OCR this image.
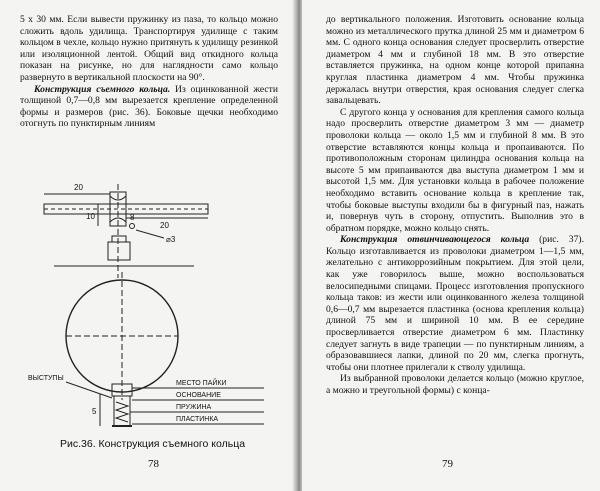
5 x 30 мм. Если вывести пружинку из паза, то кольцо можно сложить вдоль удилища. Транспортируя удилище с таким кольцом в чехле, кольцо нужно притянуть к удилищу резинкой или изоляционной лентой. Общий вид откидного кольца показан на рисунке, но для наглядности само кольцо развернуто в вертикальной плоскости на 90°.

Конструкция съемного кольца. Из оцинкованной жести толщиной 0,7—0,8 мм вырезается крепление определенной формы и размеров (рис. 36). Боковые щечки необходимо отогнуть по пунктирным линиям

20
20
10	8
⌀3
5
МЕСТО ПАЙКИ
ОСНОВАНИЕ
ПРУЖИНА
ПЛАСТИНКА
ВЫСТУПЫ
Рис.36. Конструкция съемного кольца
78

до вертикального положения. Изготовить основание кольца можно из металлического прутка длиной 25 мм и диаметром 6 мм. С одного конца основания следует просверлить отверстие диаметром 4 мм и глубиной 18 мм. В это отверстие вставляется пружинка, на одном конце которой припаяна круглая пластинка диаметром 4 мм. Чтобы пружинка держалась внутри отверстия, края основания следует слегка завальцевать.

С другого конца у основания для крепления самого кольца надо просверлить отверстие диаметром 3 мм — диаметр проволоки кольца — около 1,5 мм и глубиной 8 мм. В это отверстие вставляются концы кольца и пропаиваются. По противоположным сторонам цилиндра основания кольца на высоте 5 мм припаиваются два выступа диаметром 1 мм и высотой 1,5 мм. Для установки кольца в рабочее положение необходимо вставить основание кольца в крепление так, чтобы боковые выступы входили бы в фигурный паз, нажать и, повернув чуть в сторону, отпустить. Выполнив это в обратном порядке, можно кольцо снять.

Конструкция отвинчивающегося кольца (рис. 37). Кольцо изготавливается из проволоки диаметром 1—1,5 мм, желательно с антикоррозийным покрытием. Для этой цели, как уже говорилось выше, можно воспользоваться велосипедными спицами. Процесс изготовления пропускного кольца таков: из жести или оцинкованного железа толщиной 0,6—0,7 мм вырезается пластинка (основа крепления кольца) длиной 75 мм и шириной 10 мм. В ее середине просверливается отверстие диаметром 6 мм. Пластинку следует загнуть в виде трапеции — по пунктирным линиям, а образовавшиеся лапки, длиной по 20 мм, слегка прогнуть, чтобы они плотнее прилегали к стволу удилища.

Из выбранной проволоки делается кольцо (можно круглое, а можно и треугольной формы) с конца-

79
